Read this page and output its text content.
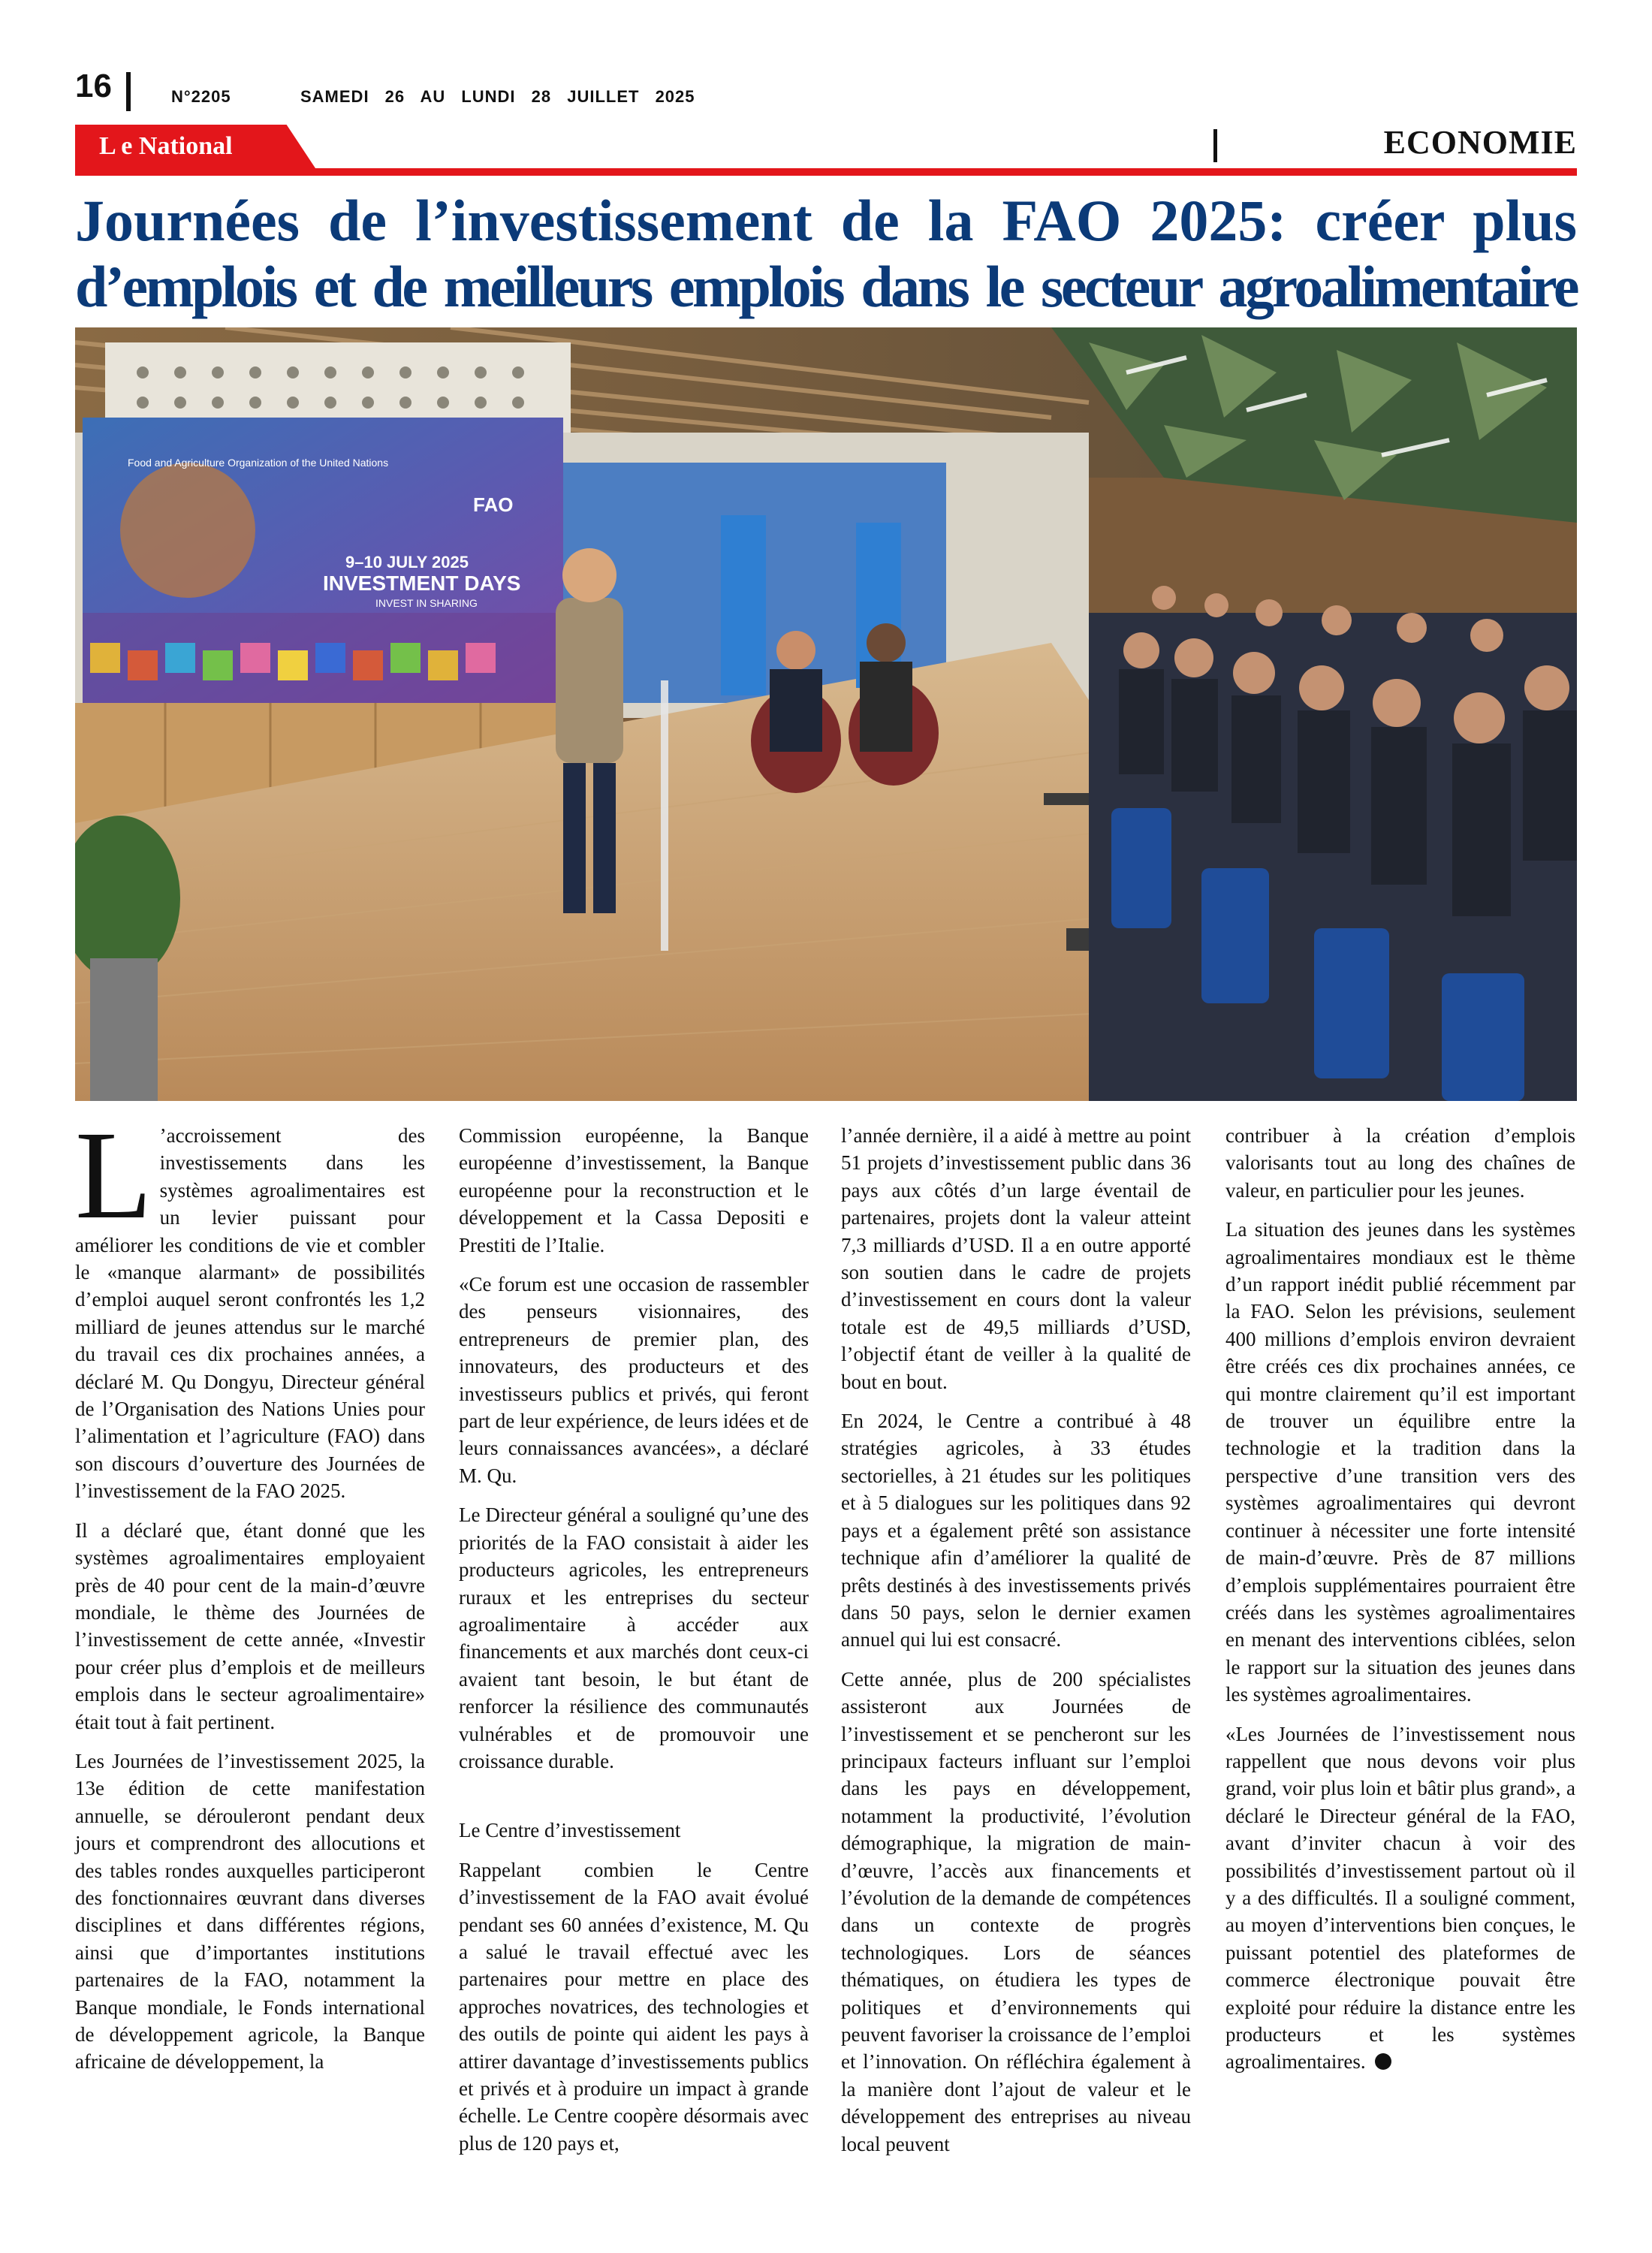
16	N°2205	SAMEDI 26 AU LUNDI 28 JUILLET 2025
L e National	ECONOMIE
Journées de l’investissement de la FAO 2025: créer plus
d’emplois et de meilleurs emplois dans le secteur agroalimentaire
Food and Agriculture Organization of the United Nations
FAO
9–10 JULY 2025
INVESTMENT DAYS
INVEST IN SHARING

L ’accroissement des investissements dans les systèmes agroalimentaires est un levier puissant pour améliorer les conditions de vie et combler le «manque alarmant» de possibilités d’emploi auquel seront confrontés les 1,2 milliard de jeunes attendus sur le marché du travail ces dix prochaines années, a déclaré M. Qu Dongyu, Directeur général de l’Organisation des Nations Unies pour l’alimentation et l’agriculture (FAO) dans son discours d’ouverture des Journées de l’investissement de la FAO 2025.

Il a déclaré que, étant donné que les systèmes agroalimentaires employaient près de 40 pour cent de la main-d’œuvre mondiale, le thème des Journées de l’investissement de cette année, «Investir pour créer plus d’emplois et de meilleurs emplois dans le secteur agroalimentaire» était tout à fait pertinent.

Les Journées de l’investissement 2025, la 13e édition de cette manifestation annuelle, se dérouleront pendant deux jours et comprendront des allocutions et des tables rondes auxquelles participeront des fonctionnaires œuvrant dans diverses disciplines et dans différentes régions, ainsi que d’importantes institutions partenaires de la FAO, notamment la Banque mondiale, le Fonds international de développement agricole, la Banque africaine de développement, la

Commission européenne, la Banque européenne d’investissement, la Banque européenne pour la reconstruction et le développement et la Cassa Depositi e Prestiti de l’Italie.

«Ce forum est une occasion de rassembler des penseurs visionnaires, des entrepreneurs de premier plan, des innovateurs, des producteurs et des investisseurs publics et privés, qui feront part de leur expérience, de leurs idées et de leurs connaissances avancées», a déclaré M. Qu.

Le Directeur général a souligné qu’une des priorités de la FAO consistait à aider les producteurs agricoles, les entrepreneurs ruraux et les entreprises du secteur agroalimentaire à accéder aux financements et aux marchés dont ceux-ci avaient tant besoin, le but étant de renforcer la résilience des communautés vulnérables et de promouvoir une croissance durable.

Le Centre d’investissement

Rappelant combien le Centre d’investissement de la FAO avait évolué pendant ses 60 années d’existence, M. Qu a salué le travail effectué avec les partenaires pour mettre en place des approches novatrices, des technologies et des outils de pointe qui aident les pays à attirer davantage d’investissements publics et privés et à produire un impact à grande échelle. Le Centre coopère désormais avec plus de 120 pays et,

l’année dernière, il a aidé à mettre au point 51 projets d’investissement public dans 36 pays aux côtés d’un large éventail de partenaires, projets dont la valeur atteint 7,3 milliards d’USD. Il a en outre apporté son soutien dans le cadre de projets d’investissement en cours dont la valeur totale est de 49,5 milliards d’USD, l’objectif étant de veiller à la qualité de bout en bout.

En 2024, le Centre a contribué à 48 stratégies agricoles, à 33 études sectorielles, à 21 études sur les politiques et à 5 dialogues sur les politiques dans 92 pays et a également prêté son assistance technique afin d’améliorer la qualité de prêts destinés à des investissements privés dans 50 pays, selon le dernier examen annuel qui lui est consacré.

Cette année, plus de 200 spécialistes assisteront aux Journées de l’investissement et se pencheront sur les principaux facteurs influant sur l’emploi dans les pays en développement, notamment la productivité, l’évolution démographique, la migration de main-d’œuvre, l’accès aux financements et l’évolution de la demande de compétences dans un contexte de progrès technologiques. Lors de séances thématiques, on étudiera les types de politiques et d’environnements qui peuvent favoriser la croissance de l’emploi et l’innovation. On réfléchira également à la manière dont l’ajout de valeur et le développement des entreprises au niveau local peuvent

contribuer à la création d’emplois valorisants tout au long des chaînes de valeur, en particulier pour les jeunes.

La situation des jeunes dans les systèmes agroalimentaires mondiaux est le thème d’un rapport inédit publié récemment par la FAO. Selon les prévisions, seulement 400 millions d’emplois environ devraient être créés ces dix prochaines années, ce qui montre clairement qu’il est important de trouver un équilibre entre la technologie et la tradition dans la perspective d’une transition vers des systèmes agroalimentaires qui devront continuer à nécessiter une forte intensité de main-d’œuvre. Près de 87 millions d’emplois supplémentaires pourraient être créés dans les systèmes agroalimentaires en menant des interventions ciblées, selon le rapport sur la situation des jeunes dans les systèmes agroalimentaires.

«Les Journées de l’investissement nous rappellent que nous devons voir plus grand, voir plus loin et bâtir plus grand», a déclaré le Directeur général de la FAO, avant d’inviter chacun à voir des possibilités d’investissement partout où il y a des difficultés. Il a souligné comment, au moyen d’interventions bien conçues, le puissant potentiel des plateformes de commerce électronique pouvait être exploité pour réduire la distance entre les producteurs et les systèmes agroalimentaires.
